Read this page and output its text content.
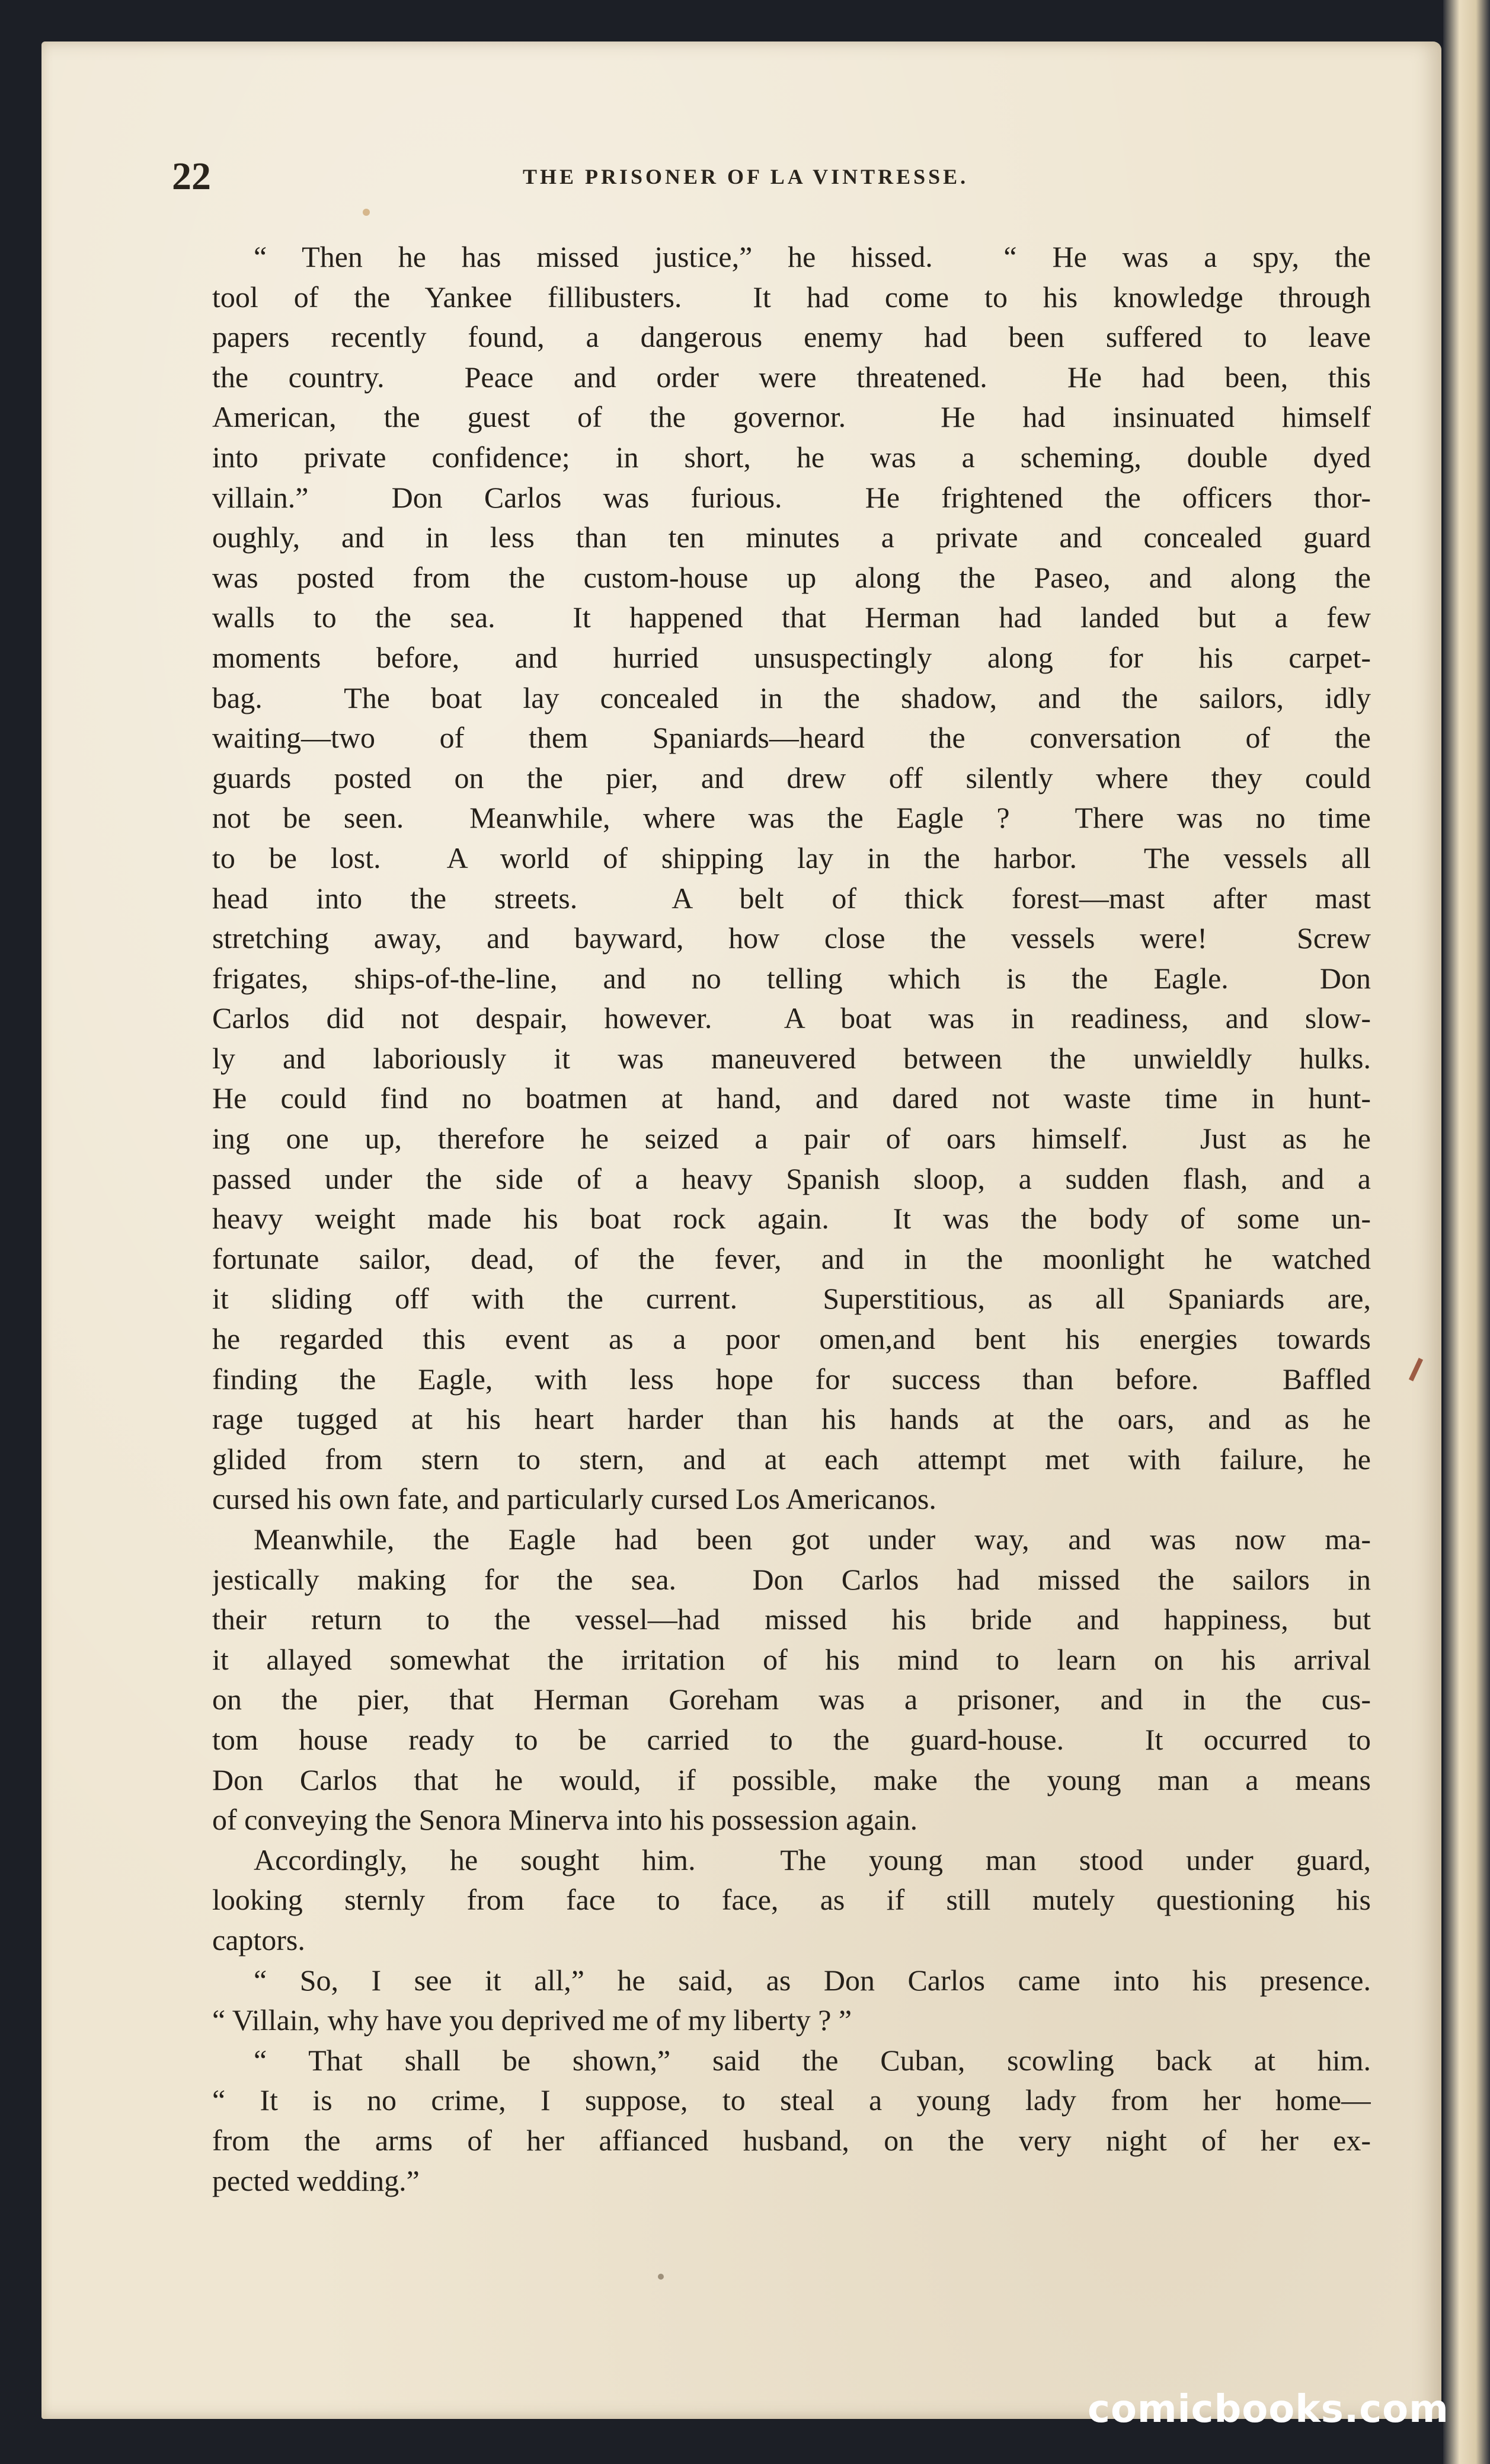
22	THE PRISONER OF LA VINTRESSE.
“ Then he has missed justice,” he hissed.  “ He was a spy, the
tool of the Yankee fillibusters.  It had come to his knowledge through
papers recently found, a dangerous enemy had been suffered to leave
the country.  Peace and order were threatened.  He had been, this
American, the guest of the governor.  He had insinuated himself
into private confidence; in short, he was a scheming, double dyed
villain.”  Don Carlos was furious.  He frightened the officers thor-
oughly, and in less than ten minutes a private and concealed guard
was posted from the custom-house up along the Paseo, and along the
walls to the sea.  It happened that Herman had landed but a few
moments before, and hurried unsuspectingly along for his carpet-
bag.  The boat lay concealed in the shadow, and the sailors, idly
waiting—two of them Spaniards—heard the conversation of the
guards posted on the pier, and drew off silently where they could
not be seen.  Meanwhile, where was the Eagle ?  There was no time
to be lost.  A world of shipping lay in the harbor.  The vessels all
head into the streets.  A belt of thick forest—mast after mast
stretching away, and bayward, how close the vessels were!  Screw
frigates, ships-of-the-line, and no telling which is the Eagle.  Don
Carlos did not despair, however.  A boat was in readiness, and slow-
ly and laboriously it was maneuvered between the unwieldly hulks.
He could find no boatmen at hand, and dared not waste time in hunt-
ing one up, therefore he seized a pair of oars himself.  Just as he
passed under the side of a heavy Spanish sloop, a sudden flash, and a
heavy weight made his boat rock again.  It was the body of some un-
fortunate sailor, dead, of the fever, and in the moonlight he watched
it sliding off with the current.  Superstitious, as all Spaniards are,
he regarded this event as a poor omen,and bent his energies towards
finding the Eagle, with less hope for success than before.  Baffled
rage tugged at his heart harder than his hands at the oars, and as he
glided from stern to stern, and at each attempt met with failure, he
cursed his own fate, and particularly cursed Los Americanos.
Meanwhile, the Eagle had been got under way, and was now ma-
jestically making for the sea.  Don Carlos had missed the sailors in
their return to the vessel—had missed his bride and happiness, but
it allayed somewhat the irritation of his mind to learn on his arrival
on the pier, that Herman Goreham was a prisoner, and in the cus-
tom house ready to be carried to the guard-house.  It occurred to
Don Carlos that he would, if possible, make the young man a means
of conveying the Senora Minerva into his possession again.
Accordingly, he sought him.  The young man stood under guard,
looking sternly from face to face, as if still mutely questioning his
captors.
“ So, I see it all,” he said, as Don Carlos came into his presence.
“ Villain, why have you deprived me of my liberty ? ”
“ That shall be shown,” said the Cuban, scowling back at him.
“ It is no crime, I suppose, to steal a young lady from her home—
from the arms of her affianced husband, on the very night of her ex-
pected wedding.”
comicbooks.com
